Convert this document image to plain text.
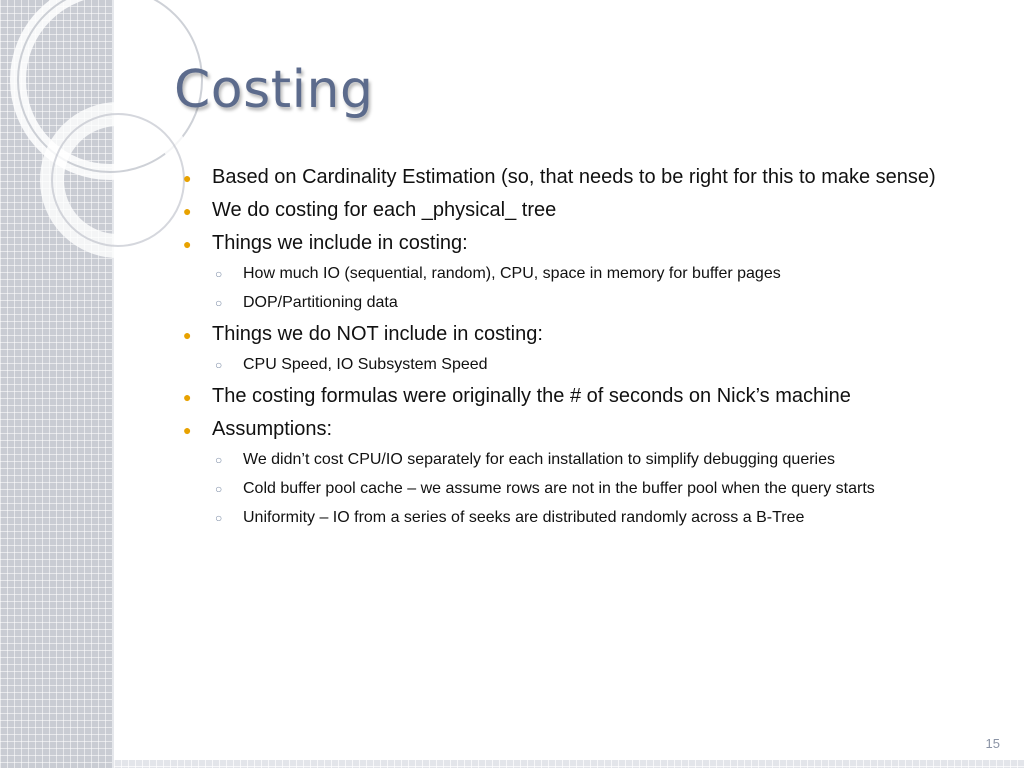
Costing
● Based on Cardinality Estimation (so, that needs to be right for this to make sense)
● We do costing for each _physical_ tree
● Things we include in costing:
○ How much IO (sequential, random), CPU, space in memory for buffer pages
○ DOP/Partitioning data
● Things we do NOT include in costing:
○ CPU Speed, IO Subsystem Speed
● The costing formulas were originally the # of seconds on Nick’s machine
● Assumptions:
○ We didn’t cost CPU/IO separately for each installation to simplify debugging queries
○ Cold buffer pool cache – we assume rows are not in the buffer pool when the query starts
○ Uniformity – IO from a series of seeks are distributed randomly across a B-Tree
15
